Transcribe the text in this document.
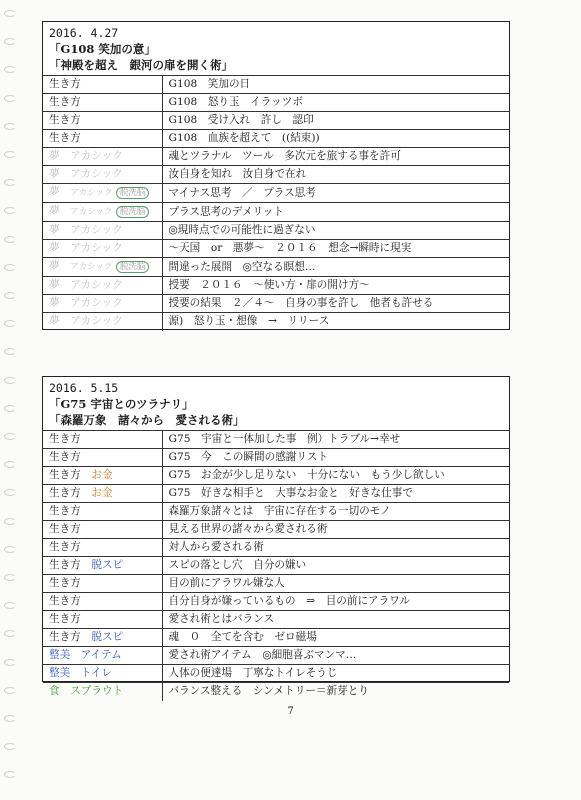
2016. 4.27
「G108 笑加の意」
「神殿を超え　銀河の扉を開く術」
生き方	G108　笑加の日
生き方	G108　怒り玉　イラッツボ
生き方	G108　受け入れ　許し　認印
生き方	G108　血族を超えて　((結束))
夢　 アカシック	魂とツラナル　ツール　多次元を旅する事を許可
夢　 アカシック	汝自身を知れ　汝自身で在れ
夢　 アカシック 脱洗脳	マイナス思考　／　プラス思考
夢　 アカシック 脱洗脳	プラス思考のデメリット
夢　 アカシック	◎現時点での可能性に過ぎない
夢　 アカシック	～天国　or　悪夢～　２０１６　想念→瞬時に現実
夢　 アカシック 脱洗脳	間違った展開　◎空なる瞑想…
夢　 アカシック	授要　２０１６　～使い方・扉の開け方～
夢　 アカシック	授要の結果　２／４～　自身の事を許し　他者も許せる
夢　 アカシック	源)　怒り玉・想像　→　リリース
2016. 5.15
「G75 宇宙とのツラナリ」
「森羅万象　諸々から　愛される術」
生き方	G75　宇宙と一体加した事　例）トラブル→幸せ
生き方	G75　今　この瞬間の感謝リスト
生き方　 お金	G75　お金が少し足りない　十分にない　もう少し欲しい
生き方　 お金	G75　好きな相手と　大事なお金と　好きな仕事で
生き方	森羅万象諸々とは　宇宙に存在する一切のモノ
生き方	見える世界の諸々から愛される術
生き方	対人から愛される術
生き方　 脱スピ	スピの落とし穴　自分の嫌い
生き方	目の前にアラワル嫌な人
生き方	自分自身が嫌っているもの　⇒　目の前にアラワル
生き方	愛され術とはバランス
生き方　 脱スピ	魂　０　全てを含む　ゼロ磁場
整美　 アイテム	愛され術アイテム　◎細胞喜ぶマンマ…
整美　 トイレ	人体の便達場　丁寧なトイレそうじ
食　 スプラウト	バランス整える　シンメトリー＝新芽とり
7
